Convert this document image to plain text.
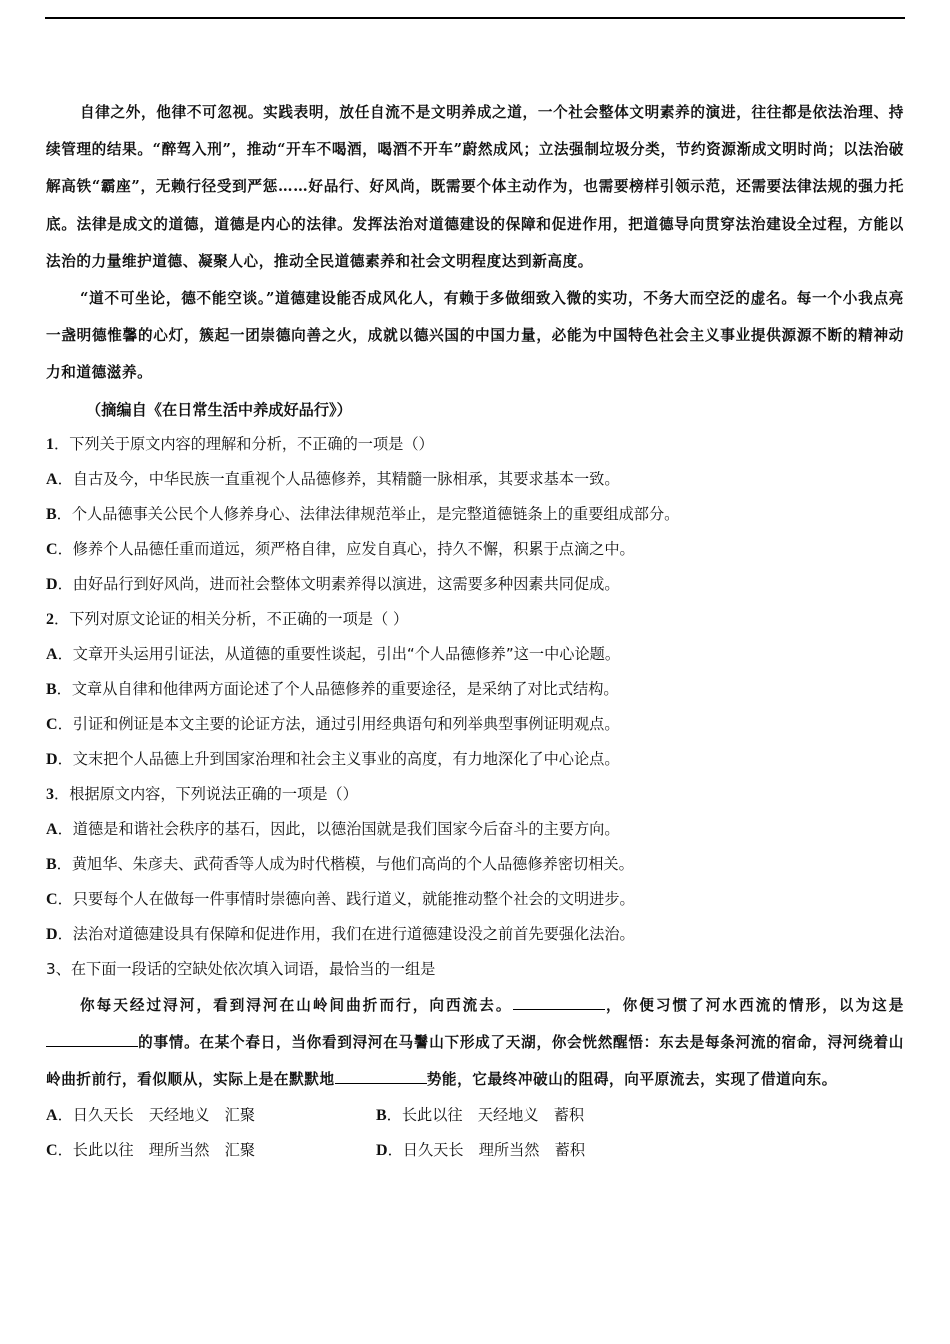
自律之外，他律不可忽视。实践表明，放任自流不是文明养成之道，一个社会整体文明素养的演进，往往都是依法治理、持续管理的结果。“醉驾入刑”，推动“开车不喝酒，喝酒不开车”蔚然成风；立法强制垃圾分类，节约资源渐成文明时尚；以法治破解高铁“霸座”，无赖行径受到严惩……好品行、好风尚，既需要个体主动作为，也需要榜样引领示范，还需要法律法规的强力托底。法律是成文的道德，道德是内心的法律。发挥法治对道德建设的保障和促进作用，把道德导向贯穿法治建设全过程，方能以法治的力量维护道德、凝聚人心，推动全民道德素养和社会文明程度达到新高度。

“道不可坐论，德不能空谈。”道德建设能否成风化人，有赖于多做细致入微的实功，不务大而空泛的虚名。每一个小我点亮一盏明德惟馨的心灯，簇起一团崇德向善之火，成就以德兴国的中国力量，必能为中国特色社会主义事业提供源源不断的精神动力和道德滋养。

（摘编自《在日常生活中养成好品行》）
1．下列关于原文内容的理解和分析，不正确的一项是（）
A．自古及今，中华民族一直重视个人品德修养，其精髓一脉相承，其要求基本一致。
B．个人品德事关公民个人修养身心、法律法律规范举止，是完整道德链条上的重要组成部分。
C．修养个人品德任重而道远，须严格自律，应发自真心，持久不懈，积累于点滴之中。
D．由好品行到好风尚，进而社会整体文明素养得以演进，这需要多种因素共同促成。
2．下列对原文论证的相关分析，不正确的一项是（ ）
A．文章开头运用引证法，从道德的重要性谈起，引出“个人品德修养”这一中心论题。
B．文章从自律和他律两方面论述了个人品德修养的重要途径，是采纳了对比式结构。
C．引证和例证是本文主要的论证方法，通过引用经典语句和列举典型事例证明观点。
D．文末把个人品德上升到国家治理和社会主义事业的高度，有力地深化了中心论点。
3．根据原文内容，下列说法正确的一项是（）
A．道德是和谐社会秩序的基石，因此，以德治国就是我们国家今后奋斗的主要方向。
B．黄旭华、朱彦夫、武荷香等人成为时代楷模，与他们高尚的个人品德修养密切相关。
C．只要每个人在做每一件事情时崇德向善、践行道义，就能推动整个社会的文明进步。
D．法治对道德建设具有保障和促进作用，我们在进行道德建设没之前首先要强化法治。
3、在下面一段话的空缺处依次填入词语，最恰当的一组是

你每天经过浔河，看到浔河在山岭间曲折而行，向西流去。	，你便习惯了河水西流的情形，以为这是的事情。在某个春日，当你看到浔河在马鬐山下形成了天湖，你会恍然醒悟：东去是每条河流的宿命，浔河绕着山岭曲折前行，看似顺从，实际上是在默默地	势能，它最终冲破山的阻碍，向平原流去，实现了借道向东。

A．日久天长　天经地义　汇聚	B．长此以往　天经地义　蓄积
C．长此以往　理所当然　汇聚	D．日久天长　理所当然　蓄积
